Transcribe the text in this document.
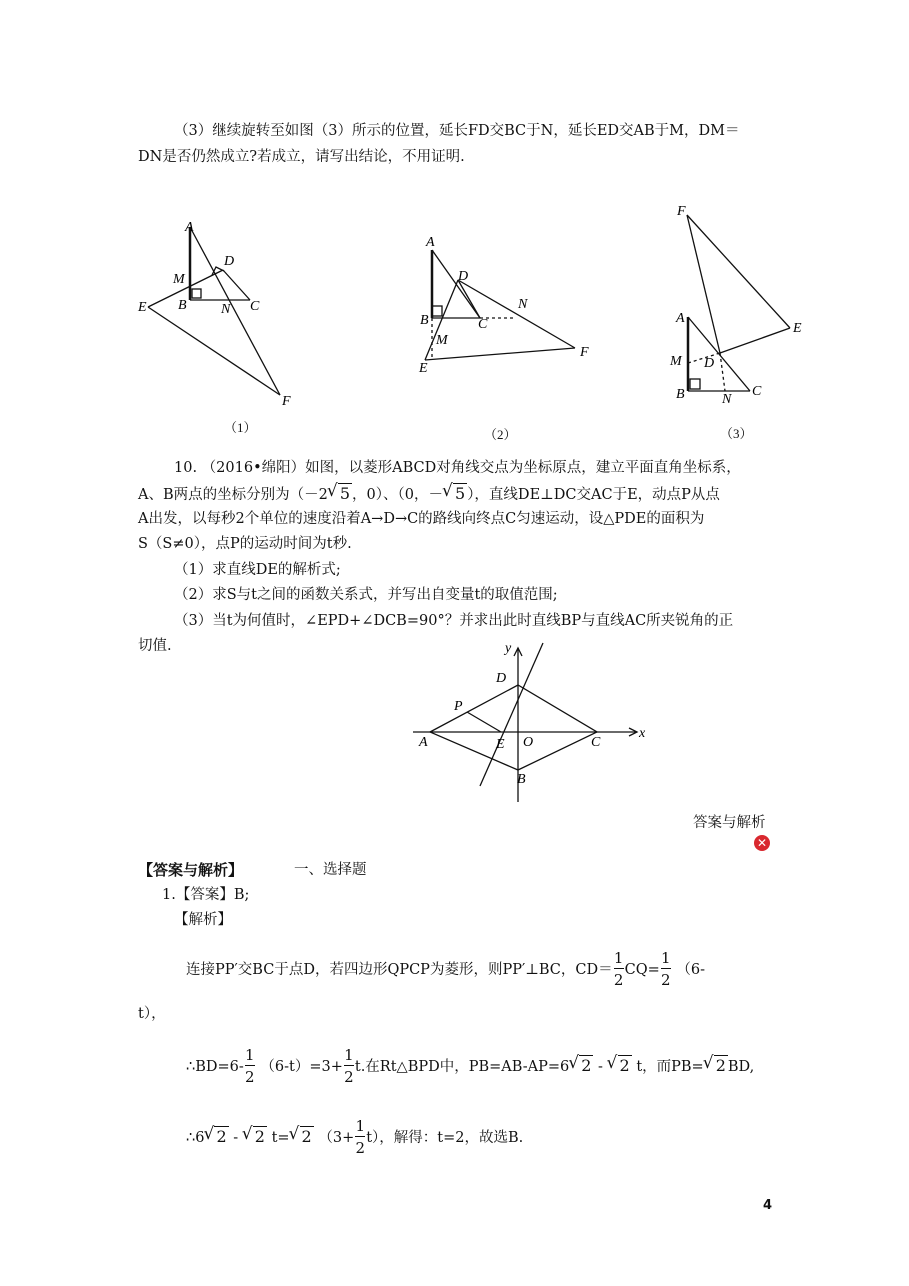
（3）继续旋转至如图（3）所示的位置，延长FD交BC于N，延长ED交AB于M，DM＝
DN是否仍然成立?若成立，请写出结论，不用证明.
A
D
M
B	C
N
E
F
（1）
A
D
N
B	C
M
E
F
（2）
F
E
A
M D
B	N
C
（3）
10. （2016•绵阳）如图，以菱形ABCD对角线交点为坐标原点，建立平面直角坐标系，
A、B两点的坐标分别为（－2 √ 5 ，0）、（0，－ √ 5 ），直线DE⊥DC交AC于E，动点P从点
A出发，以每秒2个单位的速度沿着A→D→C的路线向终点C匀速运动，设△PDE的面积为
S（S≠0），点P的运动时间为t秒.
（1）求直线DE的解析式;
（2）求S与t之间的函数关系式，并写出自变量t的取值范围;
（3）当t为何值时，∠EPD+∠DCB=90°？并求出此时直线BP与直线AC所夹锐角的正
切值.	y
x
D
P
A	E O	C
B
答案与解析
✕
【答案与解析】	一、选择题
1.【答案】B;
【解析】
连接PP′交BC于点D，若四边形QPCP为菱形，则PP′⊥BC，CD＝
$\frac{1}{2}$
CQ=
$\frac{1}{2}$
（6-
t），
∴BD=6-
$\frac{1}{2}$
（6-t）=3+
$\frac{1}{2}$
t.在Rt△BPD中，PB=AB-AP=6 √ 2 - √ 2 t，而PB= √ 2 BD,
∴6 √ 2 - √ 2 t= √ 2 （3+
$\frac{1}{2}$
t），解得：t=2，故选B.
4
